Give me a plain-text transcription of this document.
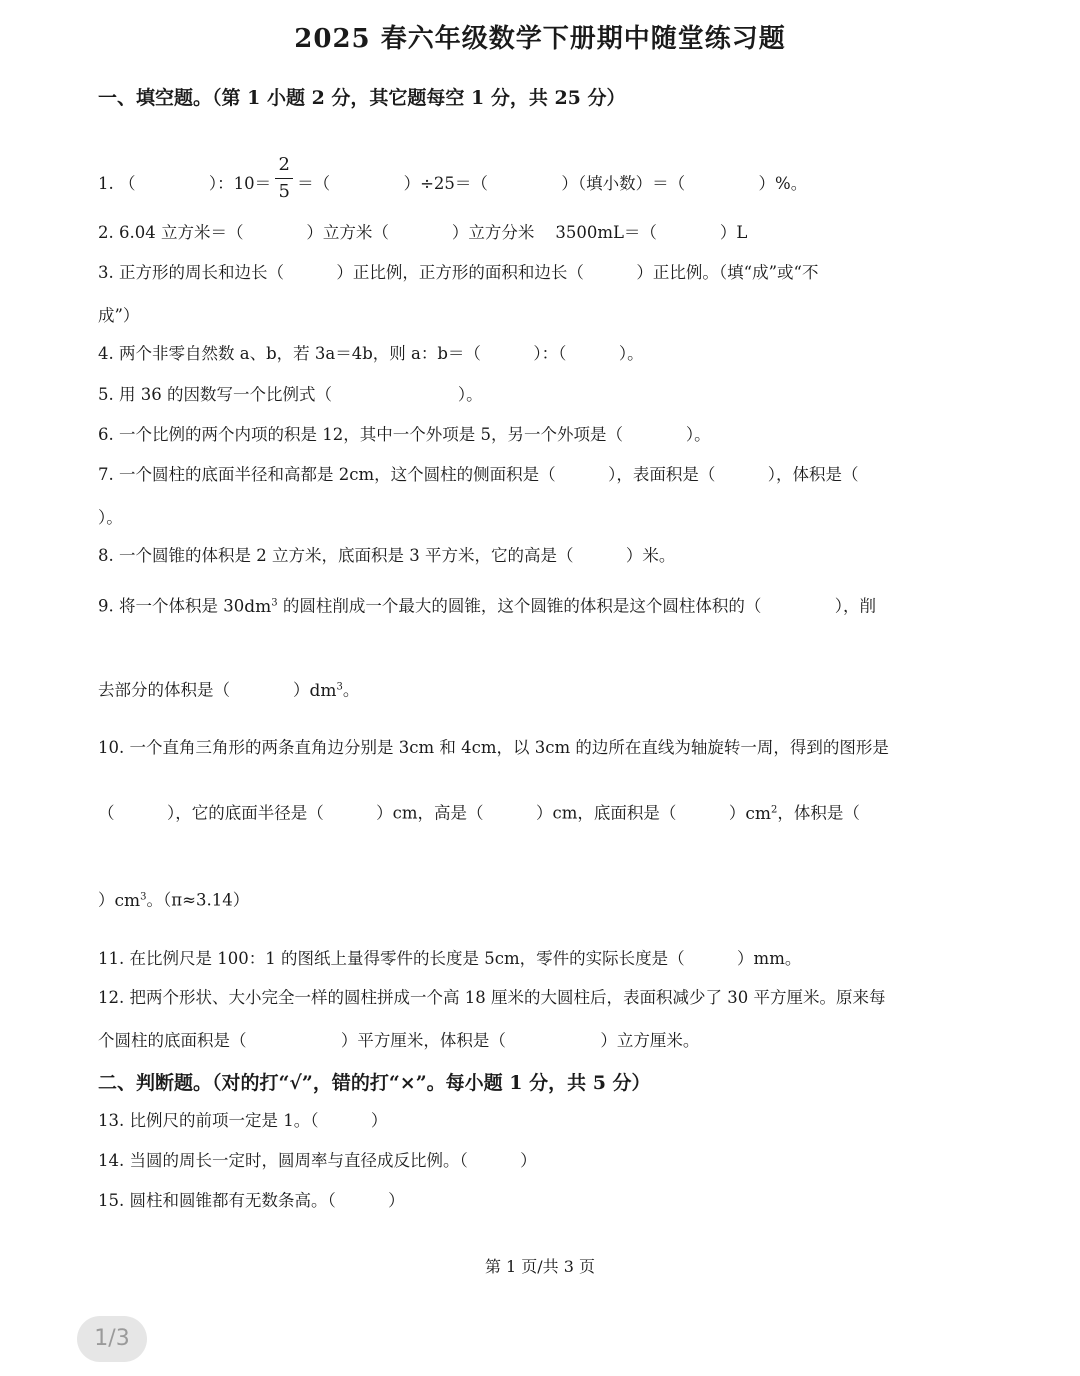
2025 春六年级数学下册期中随堂练习题
一、填空题。（第 1 小题 2 分，其它题每空 1 分，共 25 分）
1. （              ）：$10= \frac{2}{5}$ ＝（              ）÷25＝（              ）（填小数）＝（              ）%。
2. 6.04 立方米＝（            ）立方米（            ）立方分米    3500mL＝（            ）L
3. 正方形的周长和边长（          ）正比例，正方形的面积和边长（          ）正比例。（填“成”或“不
成”）
4. 两个非零自然数 a、b，若 3a＝4b，则 a：b＝（          ）：（          ）。
5. 用 36 的因数写一个比例式（                        ）。
6. 一个比例的两个内项的积是 12，其中一个外项是 5，另一个外项是（            ）。
7. 一个圆柱的底面半径和高都是 2cm，这个圆柱的侧面积是（          ），表面积是（          ），体积是（
）。
8. 一个圆锥的体积是 2 立方米，底面积是 3 平方米，它的高是（          ）米。
9. 将一个体积是 $30dm^3$ 的圆柱削成一个最大的圆锥，这个圆锥的体积是这个圆柱体积的（              ），削
去部分的体积是（            ）$dm^3$。
10. 一个直角三角形的两条直角边分别是 3cm 和 4cm，以 3cm 的边所在直线为轴旋转一周，得到的图形是
（          ），它的底面半径是（          ）cm，高是（          ）cm，底面积是（          ）$cm^2$，体积是（
）$cm^3$。（π≈3.14）
11. 在比例尺是 100：1 的图纸上量得零件的长度是 5cm，零件的实际长度是（          ）mm。
12. 把两个形状、大小完全一样的圆柱拼成一个高 18 厘米的大圆柱后，表面积减少了 30 平方厘米。原来每
个圆柱的底面积是（                  ）平方厘米，体积是（                  ）立方厘米。
二、判断题。（对的打“√”，错的打“×”。每小题 1 分，共 5 分）
13. 比例尺的前项一定是 1。（          ）
14. 当圆的周长一定时，圆周率与直径成反比例。（          ）
15. 圆柱和圆锥都有无数条高。（          ）
第 1 页/共 3 页
1/3
